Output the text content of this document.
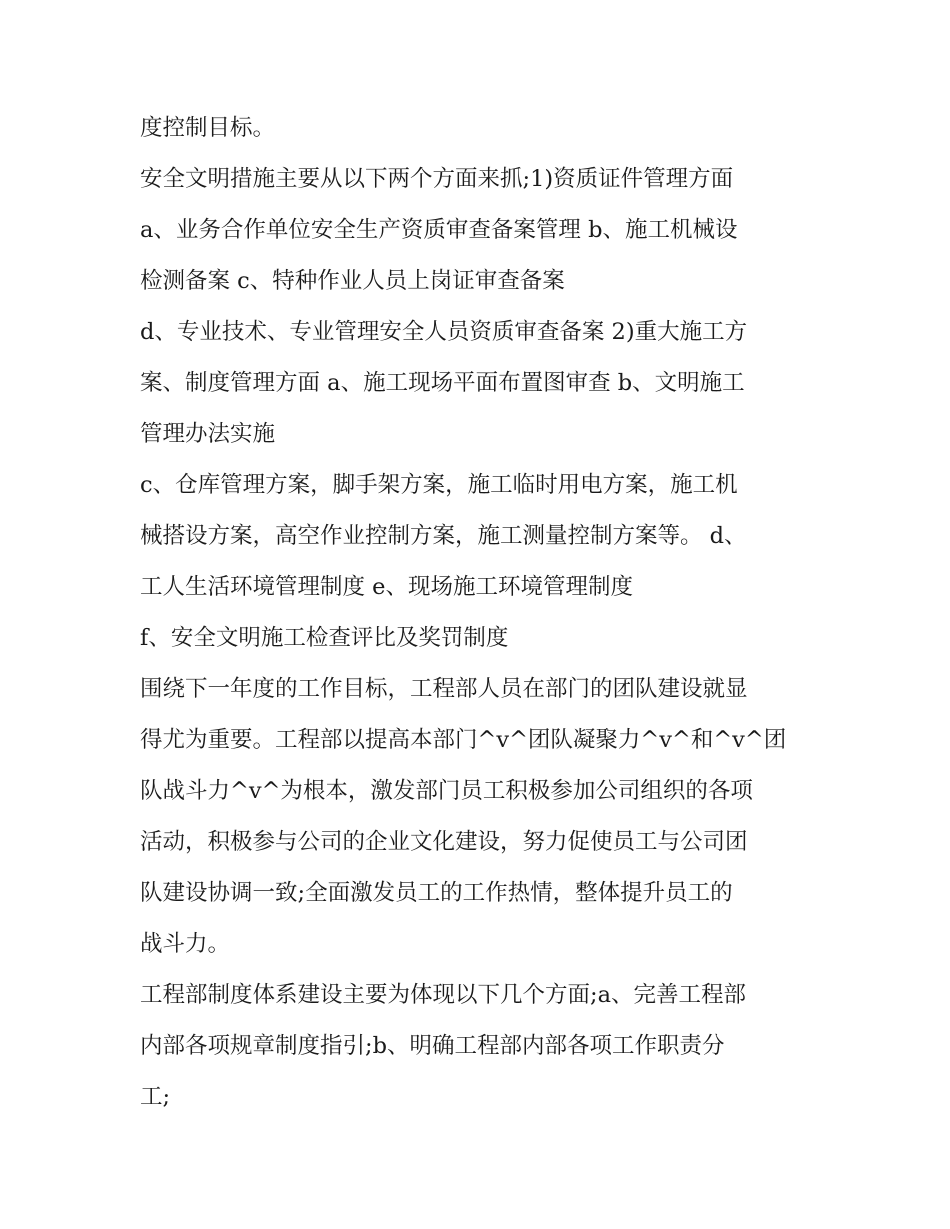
度控制目标。
安全文明措施主要从以下两个方面来抓;1)资质证件管理方面
a、业务合作单位安全生产资质审查备案管理 b、施工机械设
检测备案 c、特种作业人员上岗证审查备案
d、专业技术、专业管理安全人员资质审查备案 2)重大施工方
案、制度管理方面 a、施工现场平面布置图审查 b、文明施工
管理办法实施
c、仓库管理方案，脚手架方案，施工临时用电方案，施工机
械搭设方案，高空作业控制方案，施工测量控制方案等。 d、
工人生活环境管理制度 e、现场施工环境管理制度
f、安全文明施工检查评比及奖罚制度
围绕下一年度的工作目标，工程部人员在部门的团队建设就显
得尤为重要。工程部以提高本部门^v^团队凝聚力^v^和^v^团
队战斗力^v^为根本，激发部门员工积极参加公司组织的各项
活动，积极参与公司的企业文化建设，努力促使员工与公司团
队建设协调一致;全面激发员工的工作热情，整体提升员工的
战斗力。
工程部制度体系建设主要为体现以下几个方面;a、完善工程部
内部各项规章制度指引;b、明确工程部内部各项工作职责分
工;
